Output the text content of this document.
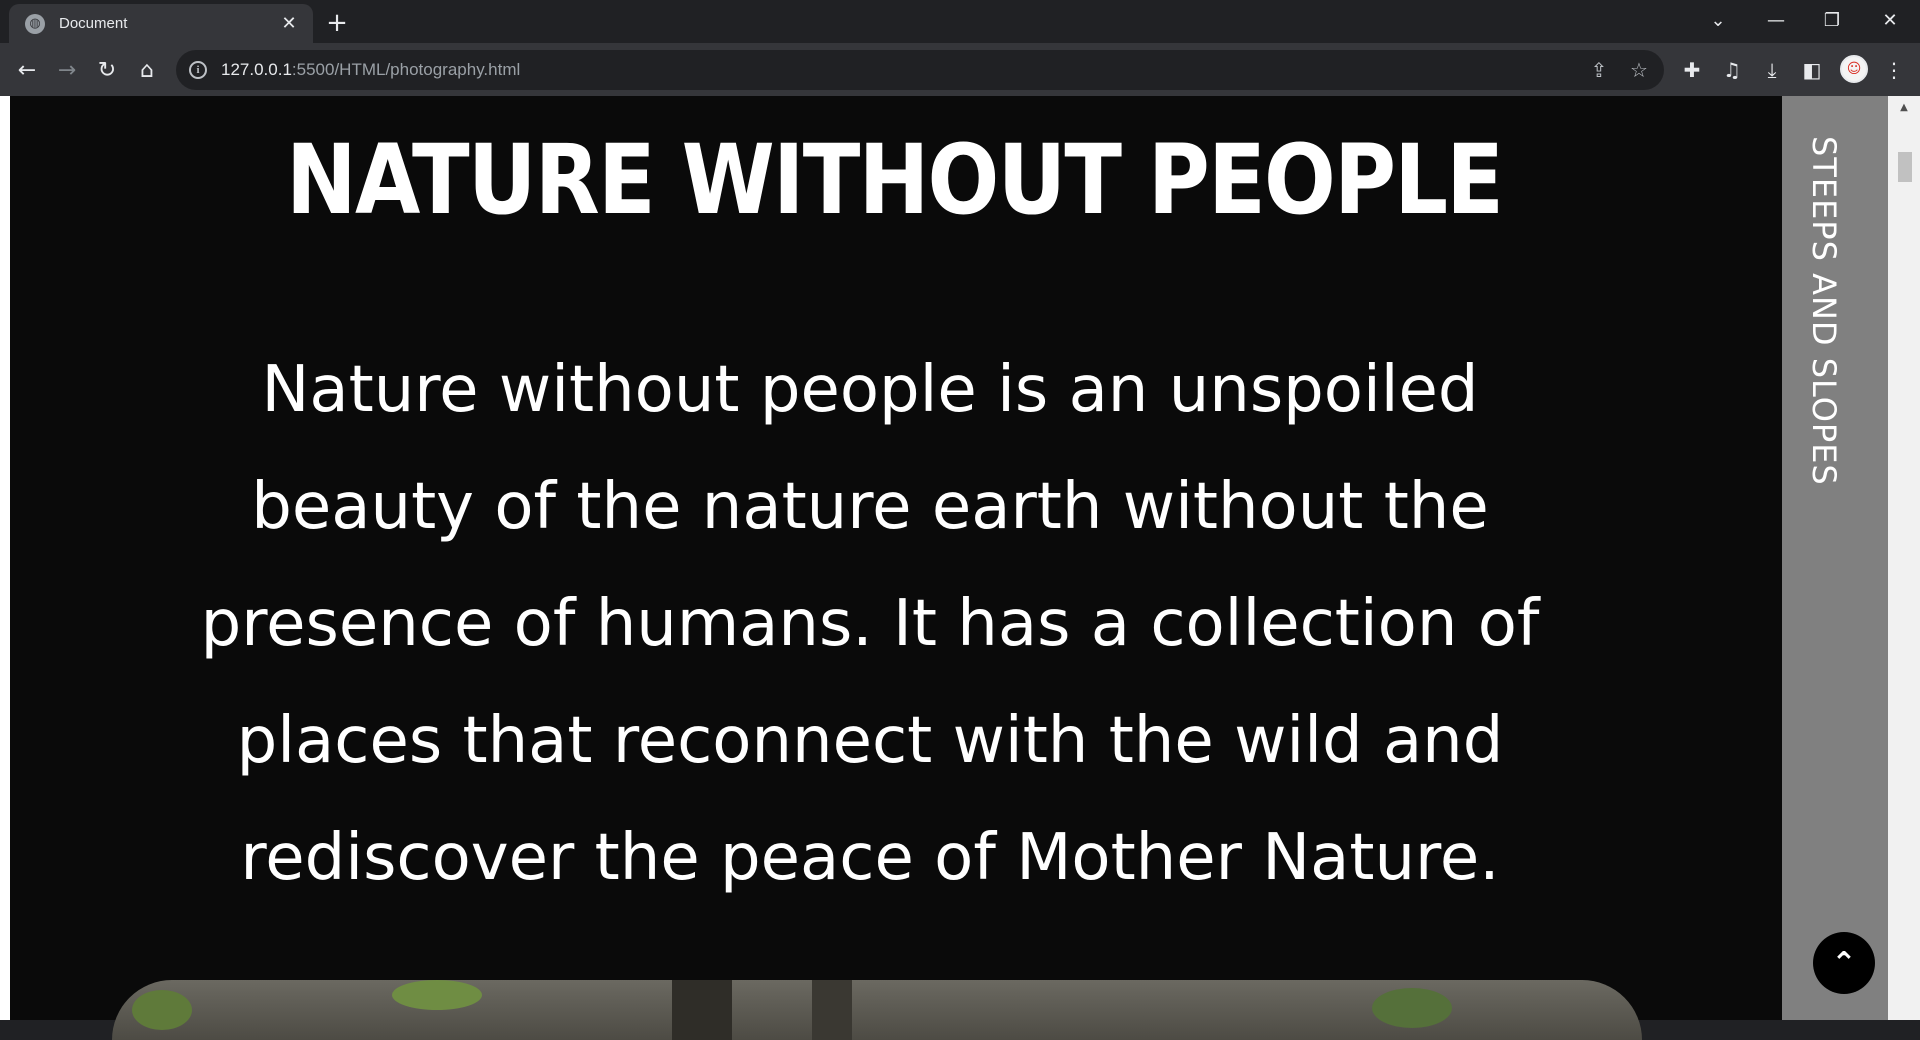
◍ Document	✕ +	⌄	—	❐	✕
← → ↻	⌂	i	127.0.0.1:5500/HTML/photography.html	⇪	☆	✚	♫	⤓	◧	⋮
☺
NATURE WITHOUT PEOPLE

Nature without people is an unspoiled beauty of the nature earth without the presence of humans. It has a collection of places that reconnect with the wild and rediscover the peace of Mother Nature.

STEEPS AND SLOPES
⌃
▲
